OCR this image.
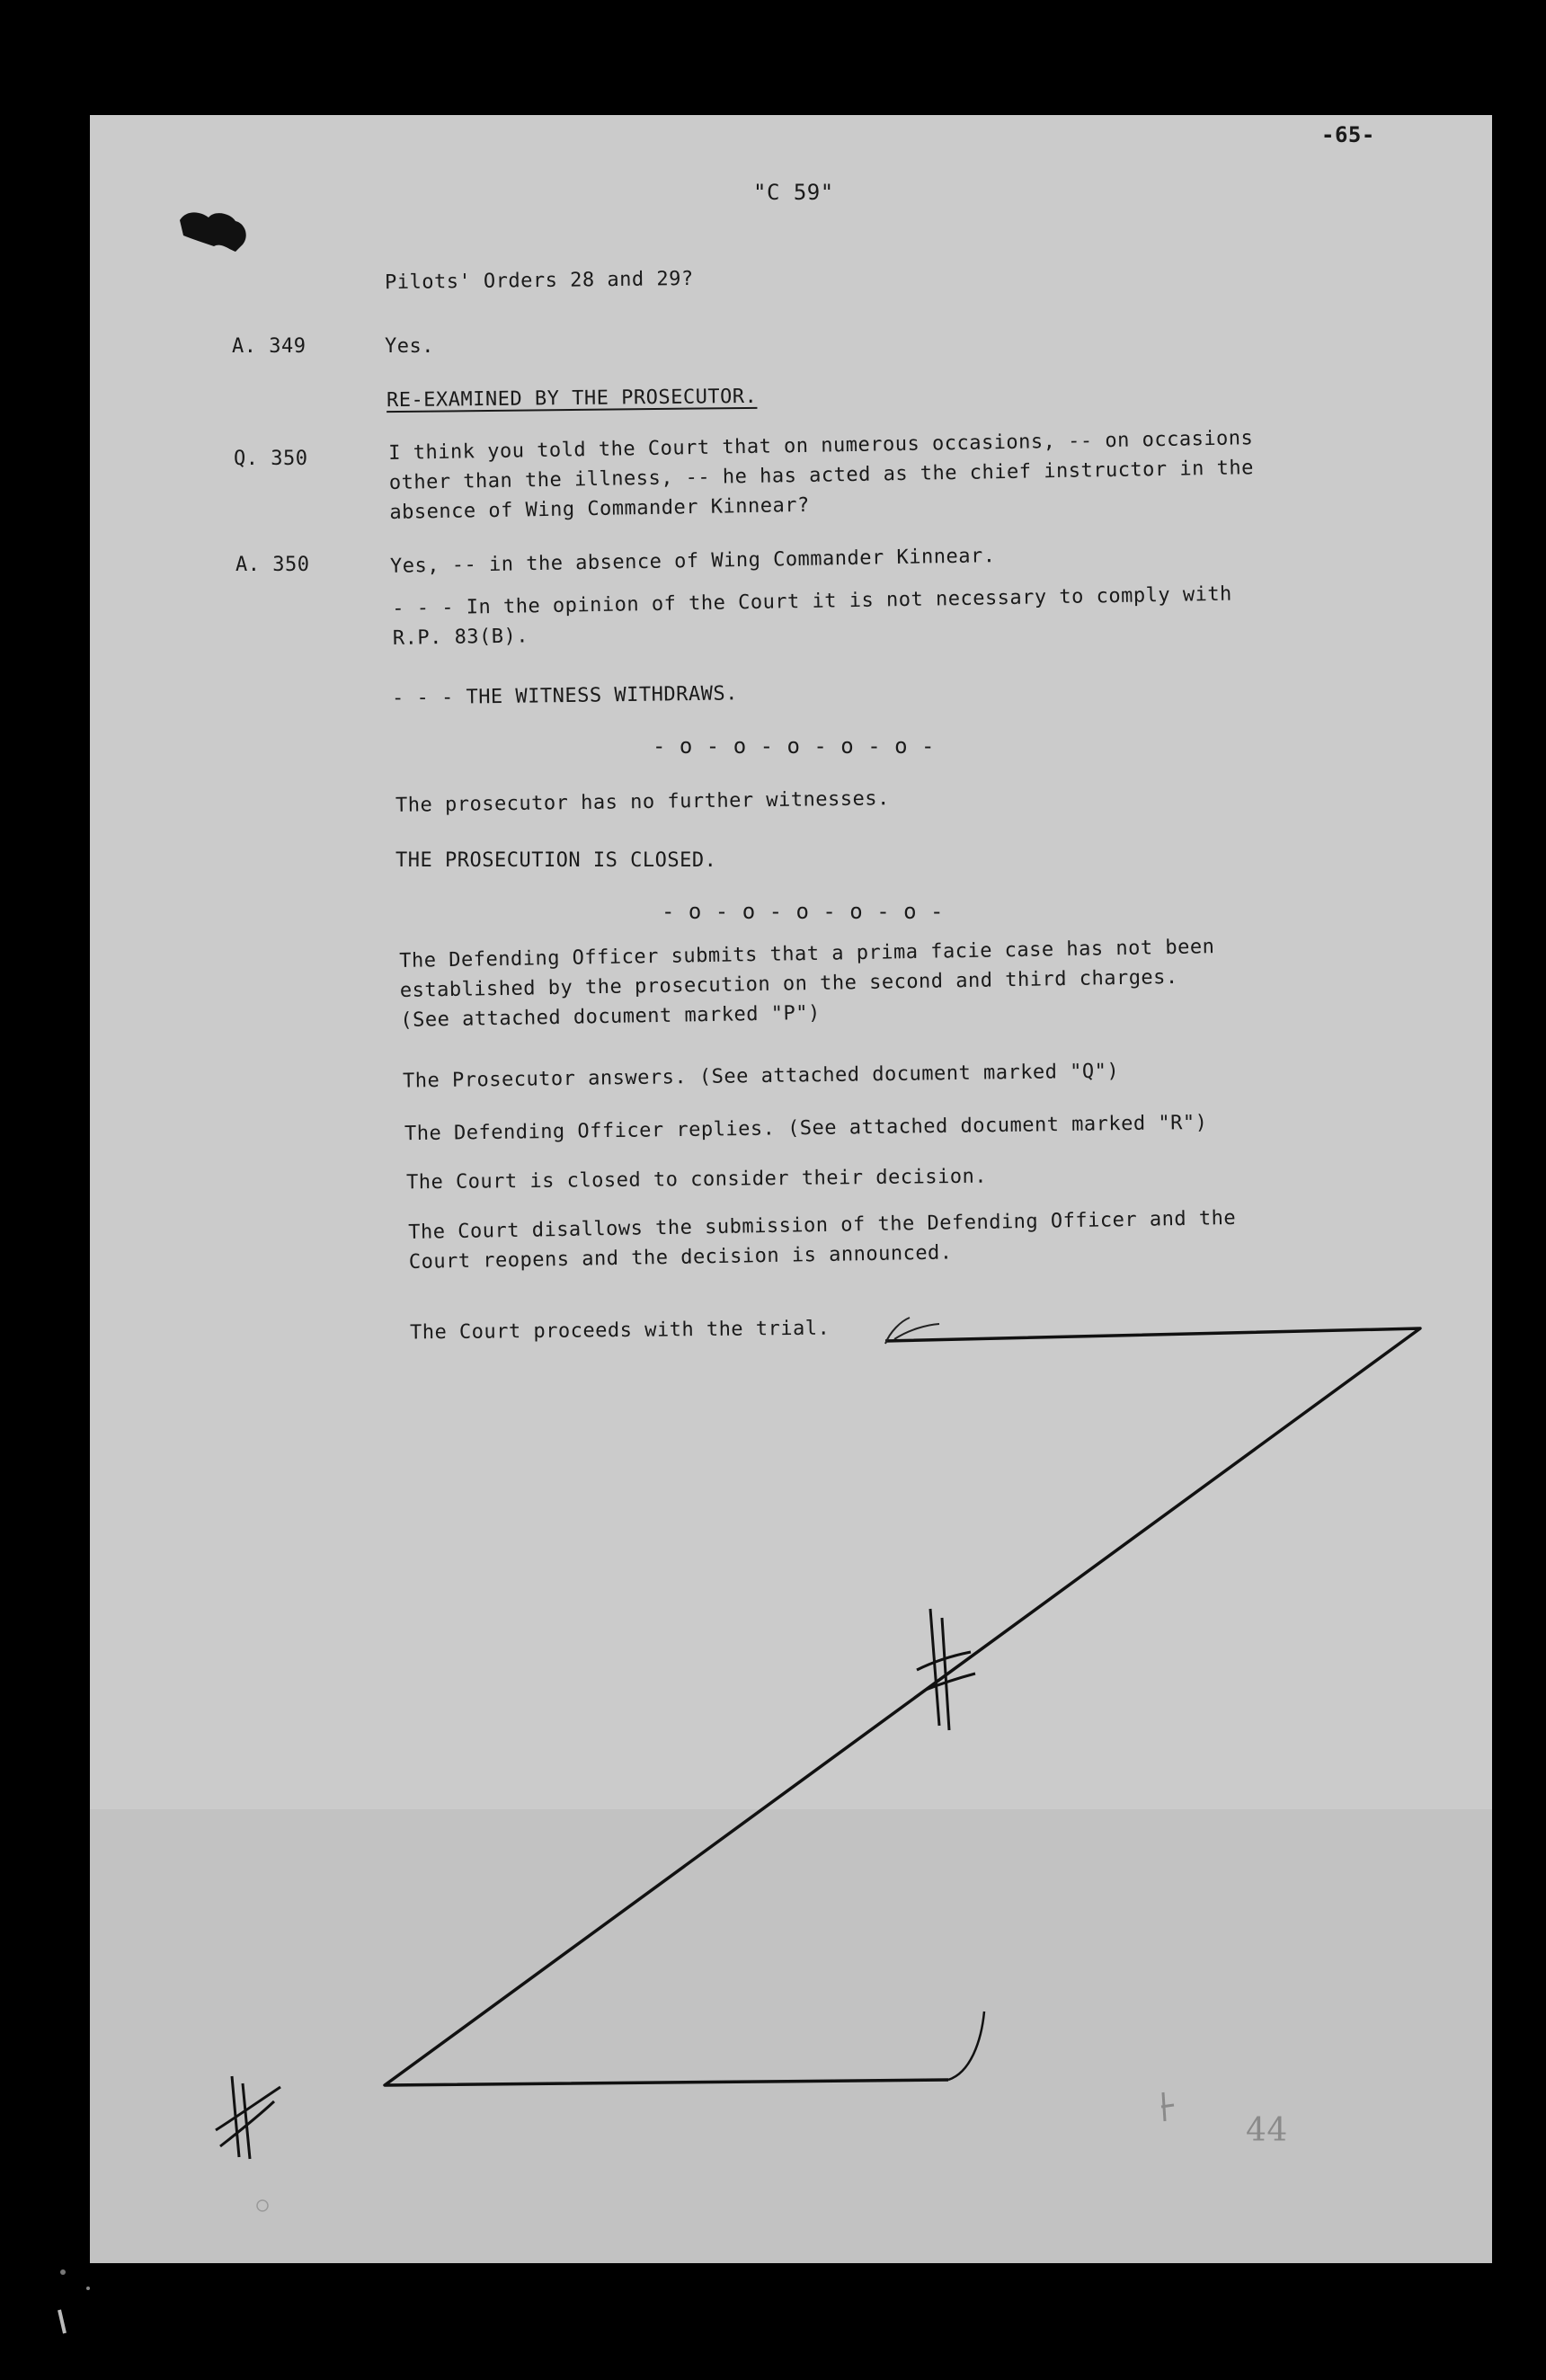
-65-
"C 59"
Pilots' Orders 28 and 29?
A. 349	Yes.
RE-EXAMINED BY THE PROSECUTOR.
Q. 350	I think you told the Court that on numerous occasions, -- on occasions
other than the illness, -- he has acted as the chief instructor in the
absence of Wing Commander Kinnear?
A. 350	Yes, -- in the absence of Wing Commander Kinnear.
- - - In the opinion of the Court it is not necessary to comply with
R.P. 83(B).
- - - THE WITNESS WITHDRAWS.
- o - o - o - o - o -
The prosecutor has no further witnesses.
THE PROSECUTION IS CLOSED.
- o - o - o - o - o -
The Defending Officer submits that a prima facie case has not been
established by the prosecution on the second and third charges.
(See attached document marked "P")
The Prosecutor answers. (See attached document marked "Q")
The Defending Officer replies. (See attached document marked "R")
The Court is closed to consider their decision.
The Court disallows the submission of the Defending Officer and the
Court reopens and the decision is announced.
The Court proceeds with the trial.
44
